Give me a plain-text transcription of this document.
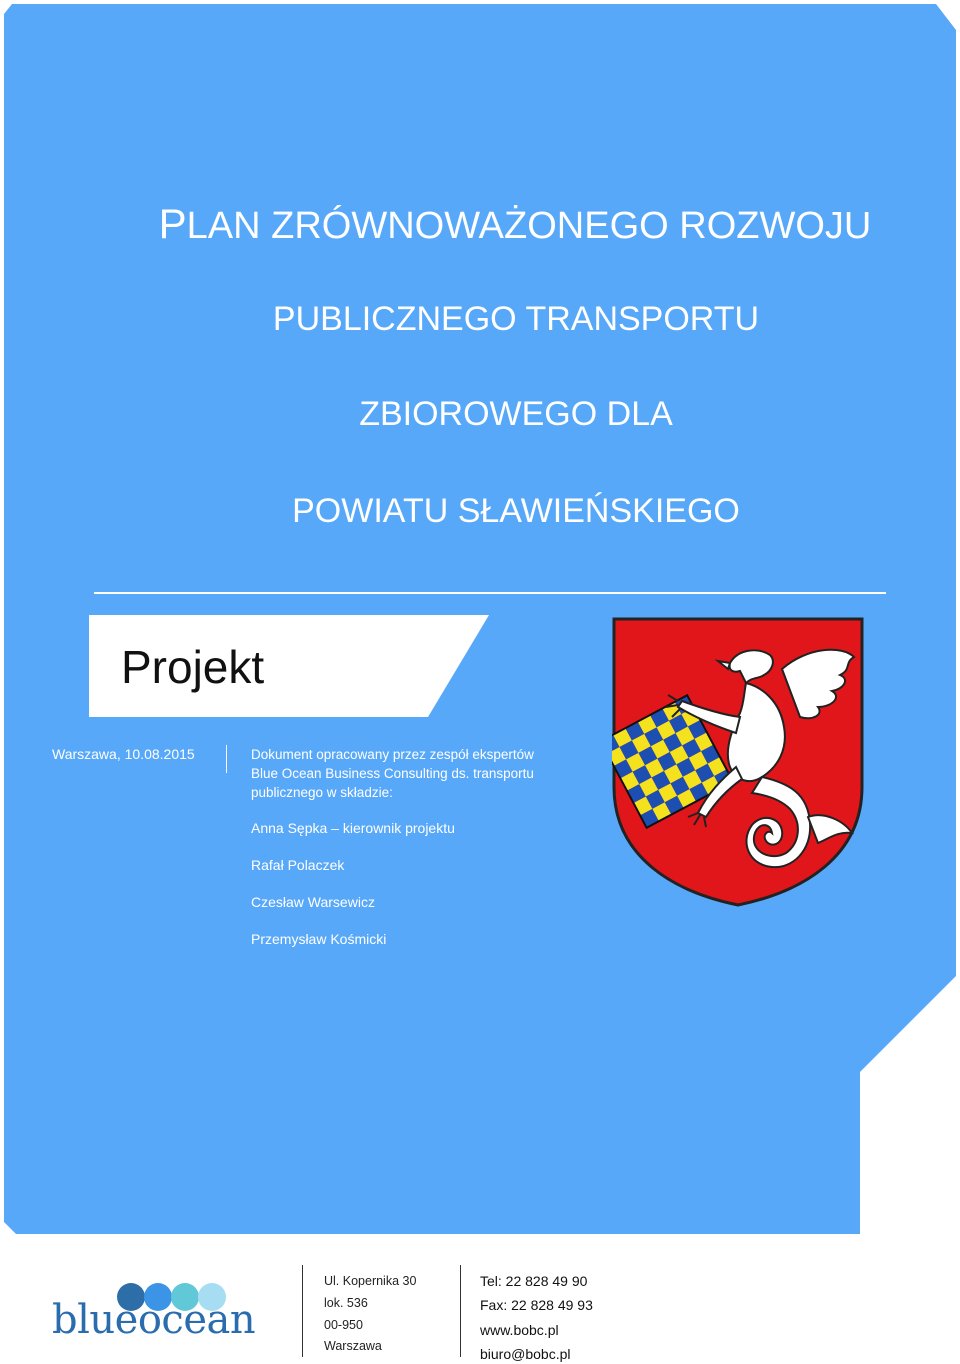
PLAN ZRÓWNOWAŻONEGO ROZWOJU
PUBLICZNEGO TRANSPORTU
ZBIOROWEGO DLA
POWIATU SŁAWIEŃSKIEGO
Projekt
Warszawa, 10.08.2015	Dokument opracowany przez zespół ekspertów Blue Ocean Business Consulting ds. transportu publicznego w składzie:
Anna Sępka – kierownik projektu
Rafał Polaczek
Czesław Warsewicz
Przemysław Kośmicki
blueocean
Ul. Kopernika 30
lok. 536
00-950
Warszawa
Tel: 22 828 49 90
Fax: 22 828 49 93
www.bobc.pl
biuro@bobc.pl
